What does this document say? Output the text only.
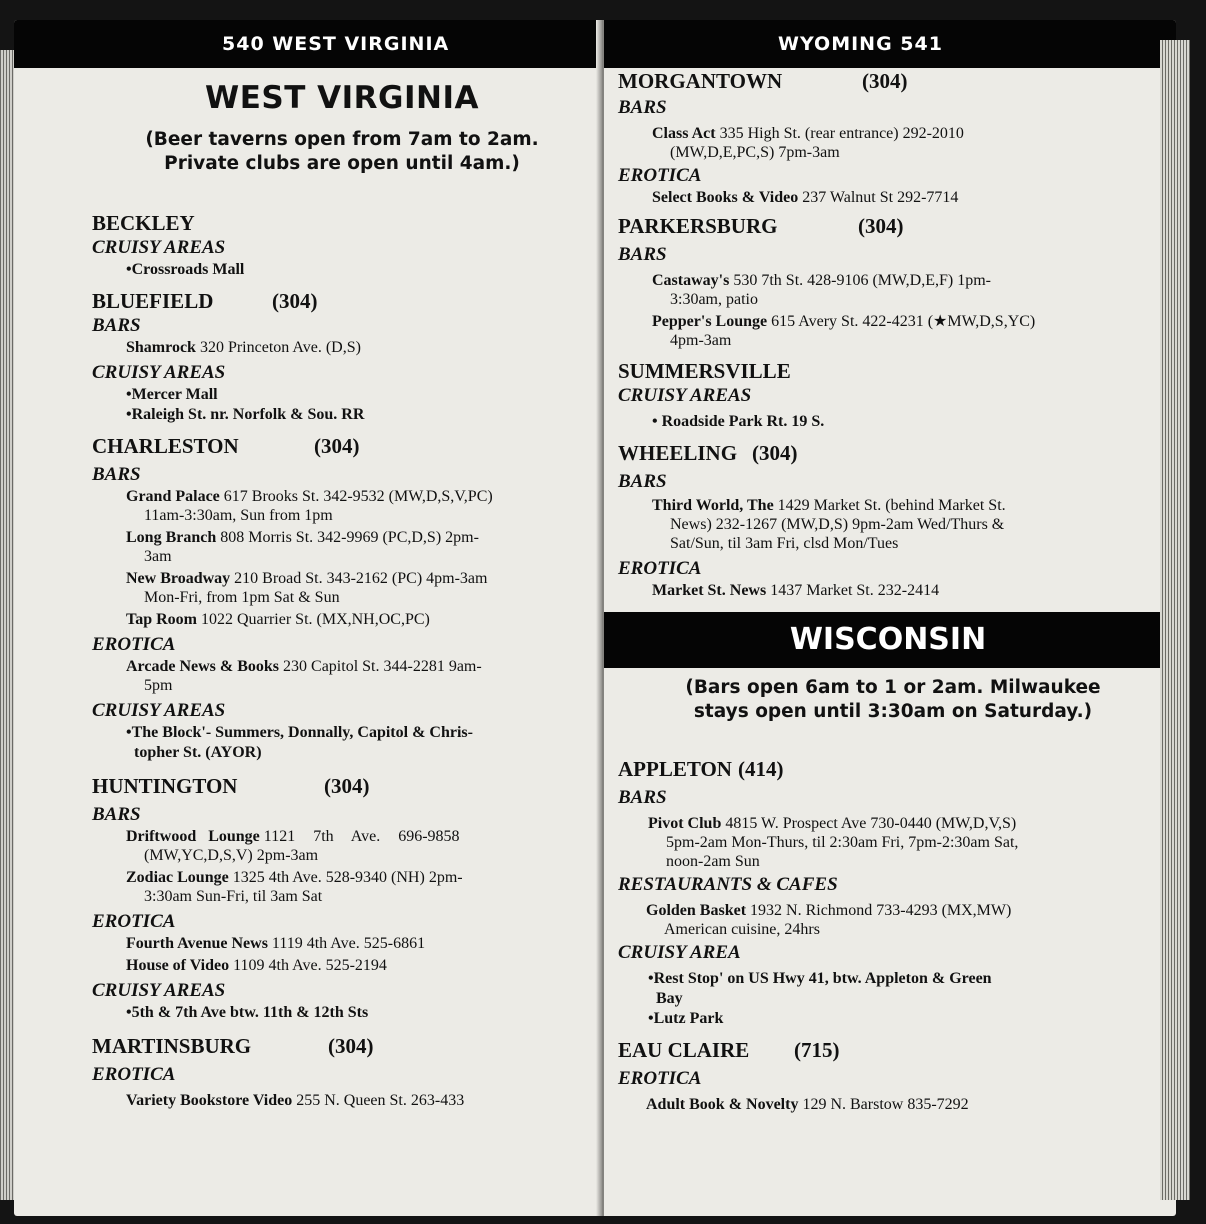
540 WEST VIRGINIA
WEST VIRGINIA

(Beer taverns open from 7am to 2am.

Private clubs are open until 4am.)

BECKLEY
CRUISY AREAS
•Crossroads Mall
BLUEFIELD	(304)
BARS
Shamrock 320 Princeton Ave. (D,S)
CRUISY AREAS
•Mercer Mall
•Raleigh St. nr. Norfolk & Sou. RR
CHARLESTON	(304)
BARS
Grand Palace 617 Brooks St. 342-9532 (MW,D,S,V,PC)
11am-3:30am, Sun from 1pm
Long Branch 808 Morris St. 342-9969 (PC,D,S) 2pm-
3am
New Broadway 210 Broad St. 343-2162 (PC) 4pm-3am
Mon-Fri, from 1pm Sat & Sun
Tap Room 1022 Quarrier St. (MX,NH,OC,PC)
EROTICA
Arcade News & Books 230 Capitol St. 344-2281 9am-
5pm
CRUISY AREAS
•The Block'- Summers, Donnally, Capitol & Chris-
topher St. (AYOR)
HUNTINGTON	(304)
BARS
Driftwood Lounge 1121 7th Ave. 696-9858
(MW,YC,D,S,V) 2pm-3am
Zodiac Lounge 1325 4th Ave. 528-9340 (NH) 2pm-
3:30am Sun-Fri, til 3am Sat
EROTICA
Fourth Avenue News 1119 4th Ave. 525-6861
House of Video 1109 4th Ave. 525-2194
CRUISY AREAS
•5th & 7th Ave btw. 11th & 12th Sts
MARTINSBURG	(304)
EROTICA
Variety Bookstore Video 255 N. Queen St. 263-433
WYOMING 541
MORGANTOWN	(304)
BARS
Class Act 335 High St. (rear entrance) 292-2010
(MW,D,E,PC,S) 7pm-3am
EROTICA
Select Books & Video 237 Walnut St 292-7714
PARKERSBURG	(304)
BARS
Castaway's 530 7th St. 428-9106 (MW,D,E,F) 1pm-
3:30am, patio
Pepper's Lounge 615 Avery St. 422-4231 (★MW,D,S,YC)
4pm-3am
SUMMERSVILLE
CRUISY AREAS
• Roadside Park Rt. 19 S.
WHEELING (304)
BARS
Third World, The 1429 Market St. (behind Market St.
News) 232-1267 (MW,D,S) 9pm-2am Wed/Thurs &
Sat/Sun, til 3am Fri, clsd Mon/Tues
EROTICA
Market St. News 1437 Market St. 232-2414
WISCONSIN

(Bars open 6am to 1 or 2am. Milwaukee

stays open until 3:30am on Saturday.)

APPLETON (414)
BARS
Pivot Club 4815 W. Prospect Ave 730-0440 (MW,D,V,S)
5pm-2am Mon-Thurs, til 2:30am Fri, 7pm-2:30am Sat,
noon-2am Sun
RESTAURANTS & CAFES
Golden Basket 1932 N. Richmond 733-4293 (MX,MW)
American cuisine, 24hrs
CRUISY AREA
•Rest Stop' on US Hwy 41, btw. Appleton & Green
Bay
•Lutz Park
EAU CLAIRE	(715)
EROTICA
Adult Book & Novelty 129 N. Barstow 835-7292
